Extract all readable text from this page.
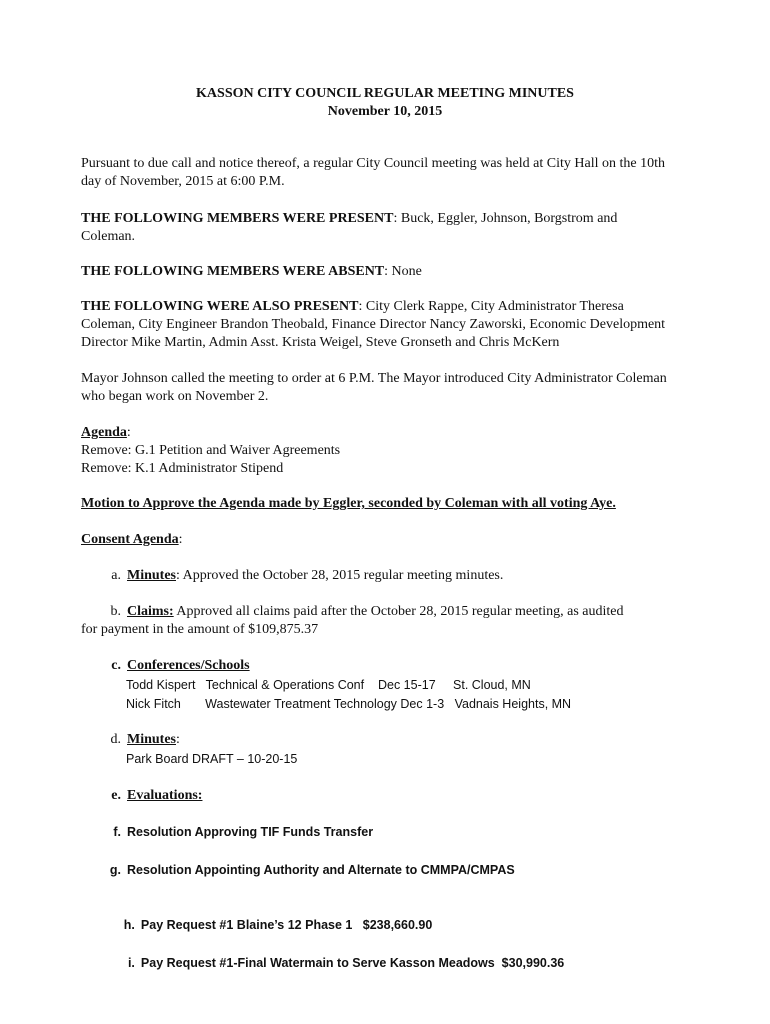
KASSON CITY COUNCIL REGULAR MEETING MINUTES
November 10, 2015
Pursuant to due call and notice thereof, a regular City Council meeting was held at City Hall on the 10th
day of November, 2015 at 6:00 P.M.
THE FOLLOWING MEMBERS WERE PRESENT: Buck, Eggler, Johnson, Borgstrom and
Coleman.
THE FOLLOWING MEMBERS WERE ABSENT: None
THE FOLLOWING WERE ALSO PRESENT: City Clerk Rappe, City Administrator Theresa
Coleman, City Engineer Brandon Theobald, Finance Director Nancy Zaworski, Economic Development
Director Mike Martin, Admin Asst. Krista Weigel, Steve Gronseth and Chris McKern
Mayor Johnson called the meeting to order at 6 P.M. The Mayor introduced City Administrator Coleman
who began work on November 2.
Agenda:
Remove: G.1 Petition and Waiver Agreements
Remove: K.1 Administrator Stipend
Motion to Approve the Agenda made by Eggler, seconded by Coleman with all voting Aye.
Consent Agenda:
a. Minutes: Approved the October 28, 2015 regular meeting minutes.
b. Claims: Approved all claims paid after the October 28, 2015 regular meeting, as audited
for payment in the amount of $109,875.37
c. Conferences/Schools
Todd Kispert   Technical & Operations Conf    Dec 15-17     St. Cloud, MN
Nick Fitch       Wastewater Treatment Technology Dec 1-3   Vadnais Heights, MN
d. Minutes:
Park Board DRAFT – 10-20-15
e. Evaluations:
f. Resolution Approving TIF Funds Transfer
g. Resolution Appointing Authority and Alternate to CMMPA/CMPAS

h. Pay Request #1 Blaine’s 12 Phase 1   $238,660.90

i. Pay Request #1-Final Watermain to Serve Kasson Meadows  $30,990.36
